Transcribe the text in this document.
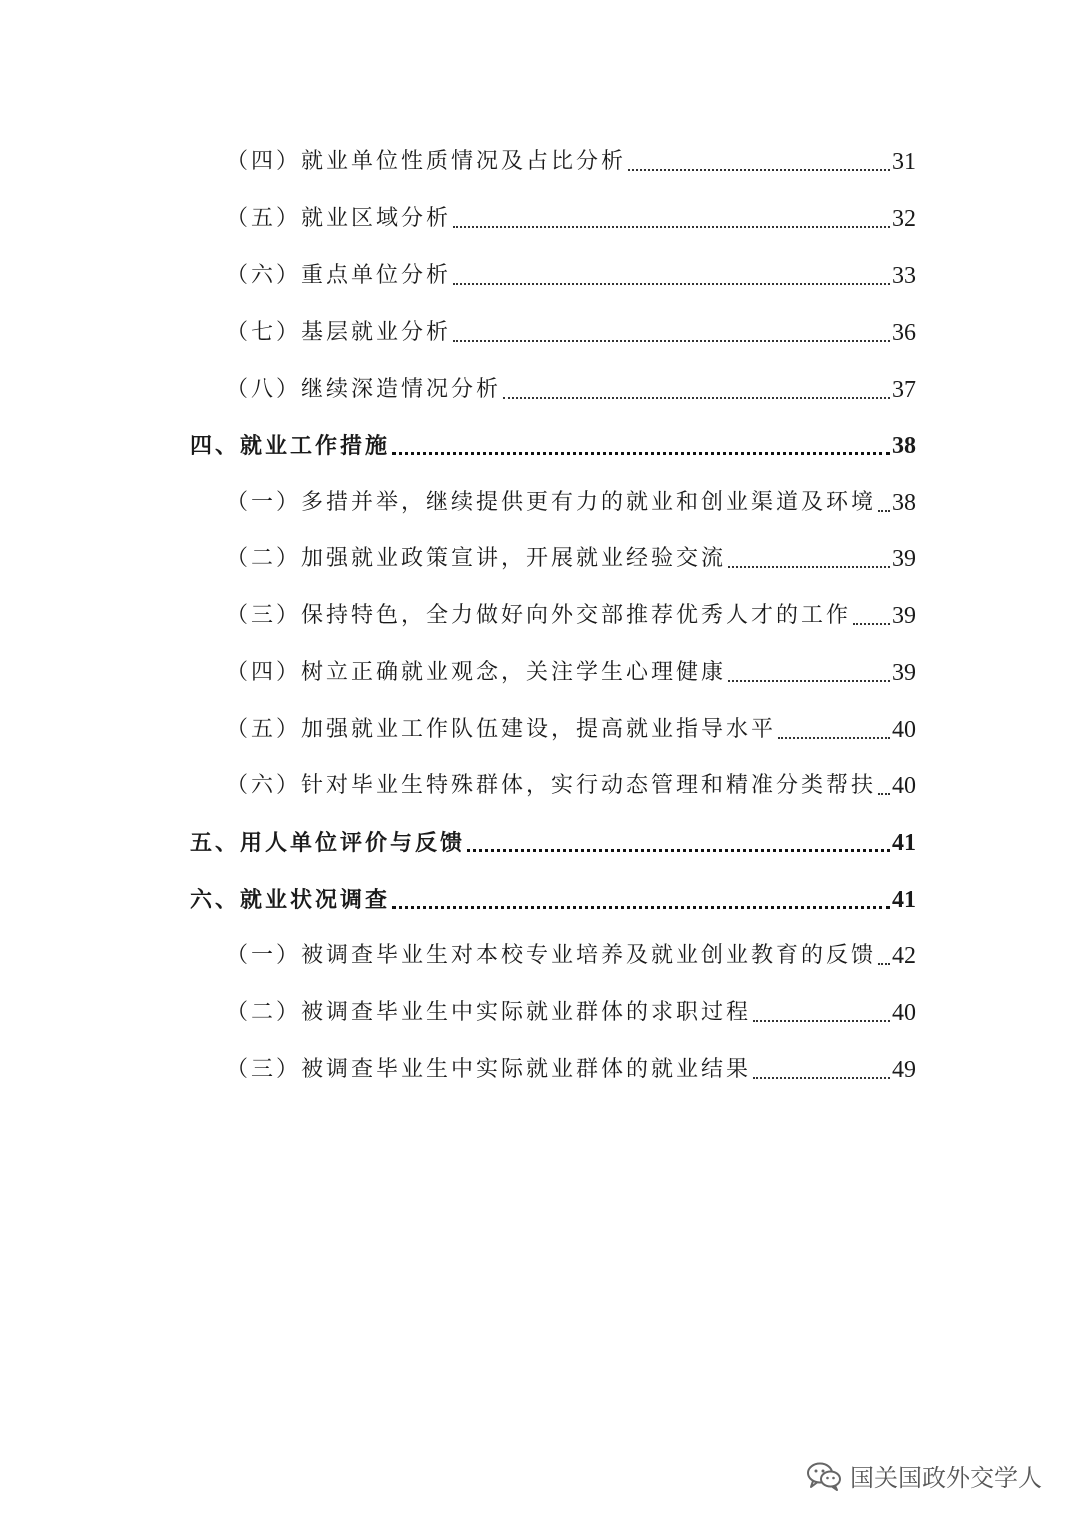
（四）就业单位性质情况及占比分析	31
（五）就业区域分析	32
（六）重点单位分析	33
（七）基层就业分析	36
（八）继续深造情况分析	37
四、就业工作措施	38
（一）多措并举，继续提供更有力的就业和创业渠道及环境 38
（二）加强就业政策宣讲，开展就业经验交流	39
（三）保持特色，全力做好向外交部推荐优秀人才的工作 39
（四）树立正确就业观念，关注学生心理健康	39
（五）加强就业工作队伍建设，提高就业指导水平	40
（六）针对毕业生特殊群体，实行动态管理和精准分类帮扶 40
五、用人单位评价与反馈	41
六、就业状况调查	41
（一）被调查毕业生对本校专业培养及就业创业教育的反馈 42
（二）被调查毕业生中实际就业群体的求职过程	40
（三）被调查毕业生中实际就业群体的就业结果	49
国关国政外交学人
